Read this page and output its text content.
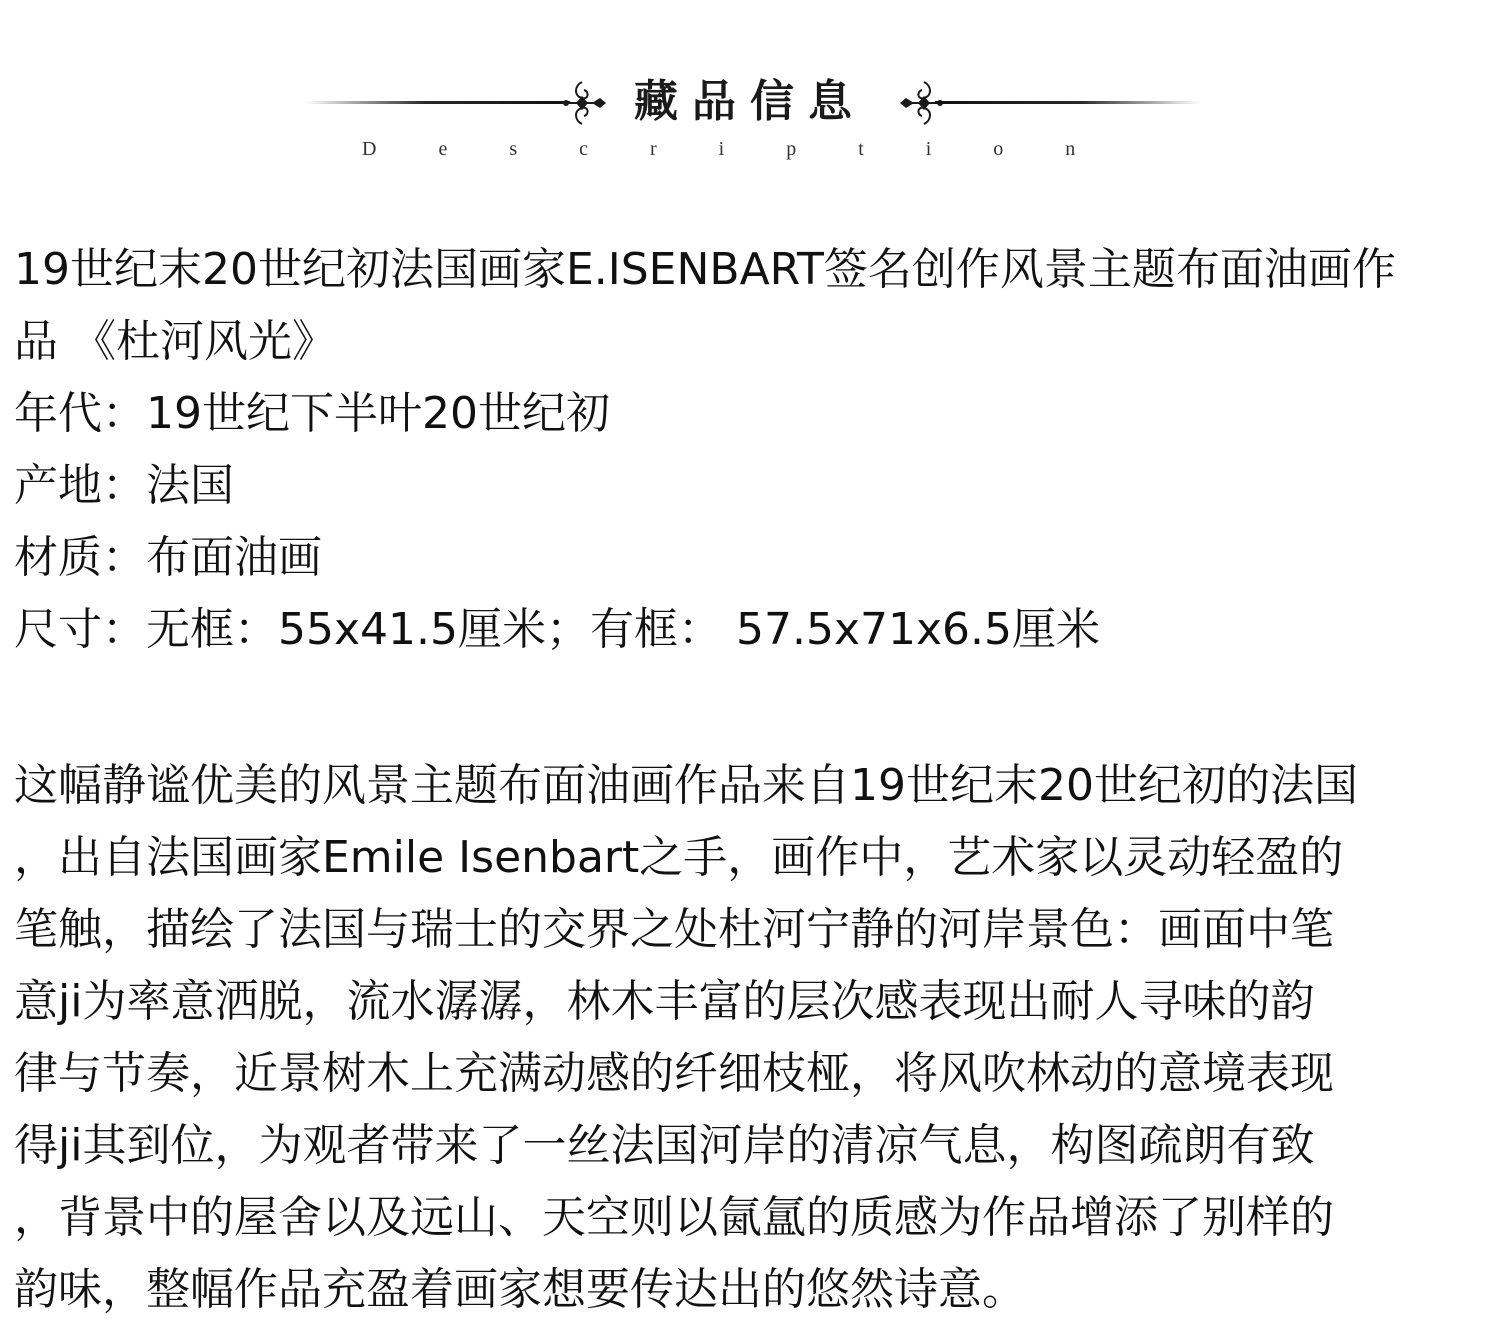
藏品信息
Description
19世纪末20世纪初法国画家E.ISENBART签名创作风景主题布面油画作
品 《杜河风光》
年代：19世纪下半叶20世纪初
产地：法国
材质：布面油画
尺寸：无框：55x41.5厘米；有框： 57.5x71x6.5厘米
这幅静谧优美的风景主题布面油画作品来自19世纪末20世纪初的法国
，出自法国画家Emile Isenbart之手，画作中，艺术家以灵动轻盈的
笔触，描绘了法国与瑞士的交界之处杜河宁静的河岸景色：画面中笔
意ji为率意洒脱，流水潺潺，林木丰富的层次感表现出耐人寻味的韵
律与节奏，近景树木上充满动感的纤细枝桠，将风吹林动的意境表现
得ji其到位，为观者带来了一丝法国河岸的清凉气息，构图疏朗有致
，背景中的屋舍以及远山、天空则以氤氲的质感为作品增添了别样的
韵味，整幅作品充盈着画家想要传达出的悠然诗意。
